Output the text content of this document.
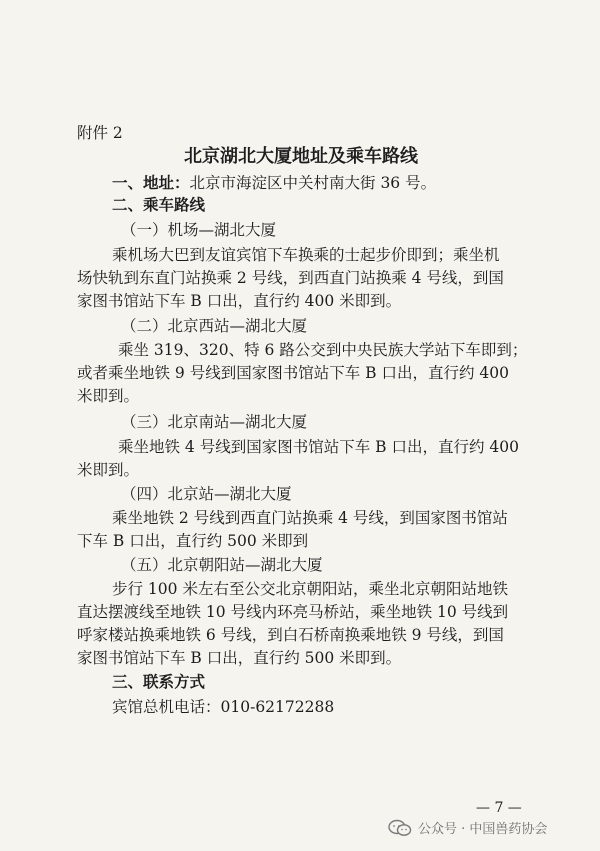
附件 2
北京湖北大厦地址及乘车路线
一、地址：北京市海淀区中关村南大街 36 号。
二、乘车路线
（一）机场—湖北大厦
乘机场大巴到友谊宾馆下车换乘的士起步价即到；乘坐机
场快轨到东直门站换乘 2 号线，到西直门站换乘 4 号线，到国
家图书馆站下车 B 口出，直行约 400 米即到。
（二）北京西站—湖北大厦
乘坐 319、320、特 6 路公交到中央民族大学站下车即到；
或者乘坐地铁 9 号线到国家图书馆站下车 B 口出，直行约 400
米即到。
（三）北京南站—湖北大厦
乘坐地铁 4 号线到国家图书馆站下车 B 口出，直行约 400
米即到。
（四）北京站—湖北大厦
乘坐地铁 2 号线到西直门站换乘 4 号线，到国家图书馆站
下车 B 口出，直行约 500 米即到
（五）北京朝阳站—湖北大厦
步行 100 米左右至公交北京朝阳站，乘坐北京朝阳站地铁
直达摆渡线至地铁 10 号线内环亮马桥站，乘坐地铁 10 号线到
呼家楼站换乘地铁 6 号线，到白石桥南换乘地铁 9 号线，到国
家图书馆站下车 B 口出，直行约 500 米即到。
三、联系方式
宾馆总机电话：010-62172288
— 7 —
公众号 · 中国兽药协会
